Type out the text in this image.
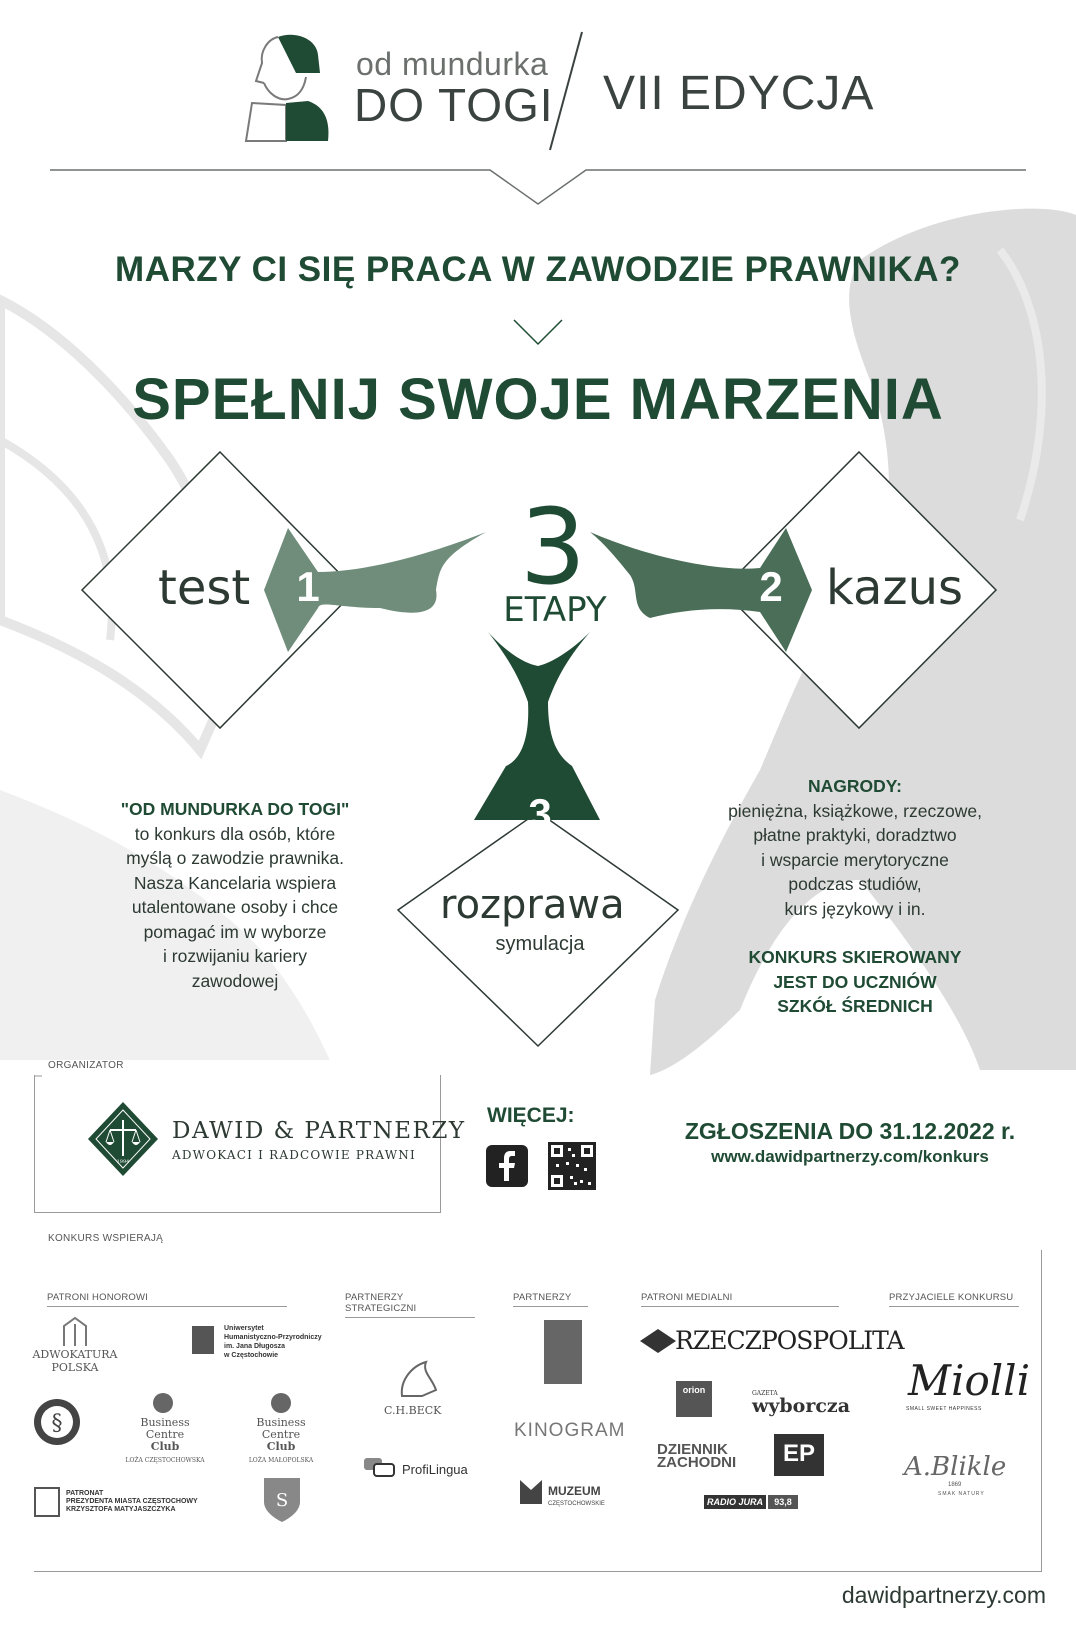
od mundurka
DO TOGI VII EDYCJA
MARZY CI SIĘ PRACA W ZAWODZIE PRAWNIKA?
SPEŁNIJ SWOJE MARZENIA
test	1	kazus
2
3
rozprawa
symulacja
3
ETAPY
"OD MUNDURKA DO TOGI"
to konkurs dla osób, które
myślą o zawodzie prawnika.
Nasza Kancelaria wspiera
utalentowane osoby i chce
pomagać im w wyborze
i rozwijaniu kariery
zawodowej
NAGRODY:
pieniężna, książkowe, rzeczowe,
płatne praktyki, doradztwo
i wsparcie merytoryczne
podczas studiów,
kurs językowy i in.

KONKURS SKIEROWANY
JEST DO UCZNIÓW
SZKÓŁ ŚREDNICH
ORGANIZATOR
1994
DAWID & PARTNERZY
ADWOKACI I RADCOWIE PRAWNI
WIĘCEJ:
ZGŁOSZENIA DO 31.12.2022 r.
www.dawidpartnerzy.com/konkurs
KONKURS WSPIERAJĄ
PATRONI HONOROWI	PARTNERZY STRATEGICZNI
PARTNERZY	PATRONI MEDIALNI	PRZYJACIELE KONKURSU
ADWOKATURA
POLSKA
Uniwersytet
Humanistyczno-Przyrodniczy
im. Jana Długosza
w Częstochowie
§	Business Centre
Club
LOŻA CZĘSTOCHOWSKA
Business Centre
Club
LOŻA MAŁOPOLSKA
PATRONAT
PREZYDENTA MIASTA CZĘSTOCHOWY
KRZYSZTOFA MATYJASZCZYKA	S
C.H.BECK
ProfiLingua
KINOGRAM
MUZEUM
CZĘSTOCHOWSKIE
RZECZPOSPOLITA
orion	GAZETA
wyborcza
DZIENNIK
ZACHODNI	EP
RADIO JURA	93,8
Miolli
SMALL SWEET HAPPINESS
A.Blikle
1869
SMAK NATURY
dawidpartnerzy.com
